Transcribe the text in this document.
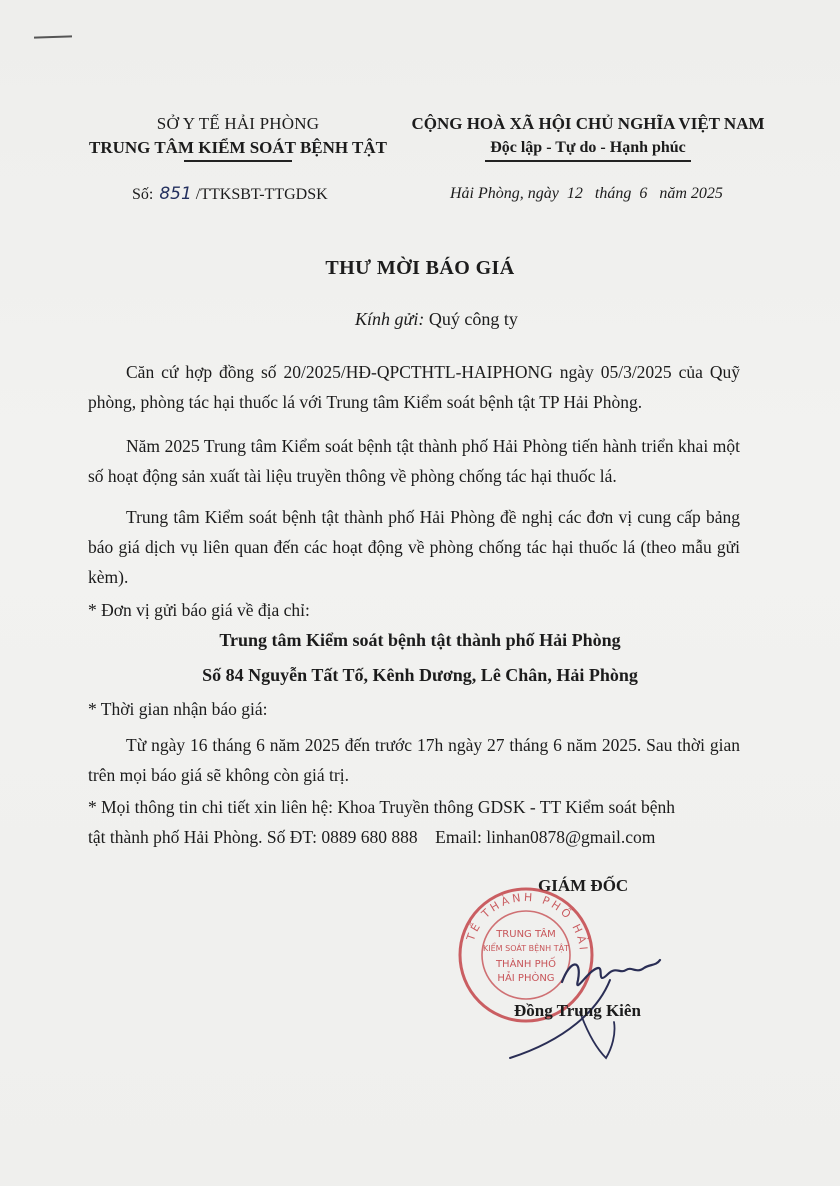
SỞ Y TẾ HẢI PHÒNG
TRUNG TÂM KIỂM SOÁT BỆNH TẬT
CỘNG HOÀ XÃ HỘI CHỦ NGHĨA VIỆT NAM
Độc lập - Tự do - Hạnh phúc
Số: 851 /TTKSBT-TTGDSK	Hải Phòng, ngày  12   tháng  6   năm 2025
THƯ MỜI BÁO GIÁ
Kính gửi: Quý công ty
Căn cứ hợp đồng số 20/2025/HĐ-QPCTHTL-HAIPHONG ngày 05/3/2025 của Quỹ phòng, phòng tác hại thuốc lá với Trung tâm Kiểm soát bệnh tật TP Hải Phòng.
Năm 2025 Trung tâm Kiểm soát bệnh tật thành phố Hải Phòng tiến hành triển khai một số hoạt động sản xuất tài liệu truyền thông về phòng chống tác hại thuốc lá.
Trung tâm Kiểm soát bệnh tật thành phố Hải Phòng đề nghị các đơn vị cung cấp bảng báo giá dịch vụ liên quan đến các hoạt động về phòng chống tác hại thuốc lá (theo mẫu gửi kèm).
* Đơn vị gửi báo giá về địa chỉ:
Trung tâm Kiểm soát bệnh tật thành phố Hải Phòng
Số 84 Nguyễn Tất Tố, Kênh Dương, Lê Chân, Hải Phòng
* Thời gian nhận báo giá:
Từ ngày 16 tháng 6 năm 2025 đến trước 17h ngày 27 tháng 6 năm 2025. Sau thời gian trên mọi báo giá sẽ không còn giá trị.
* Mọi thông tin chi tiết xin liên hệ: Khoa Truyền thông GDSK - TT Kiểm soát bệnh
tật thành phố Hải Phòng. Số ĐT: 0889 680 888    Email: linhan0878@gmail.com
GIÁM ĐỐC
TẾ THÀNH PHỐ HẢI
TRUNG TÂM
KIỂM SOÁT BỆNH TẬT
THÀNH PHỐ
HẢI PHÒNG
Đồng Trung Kiên
